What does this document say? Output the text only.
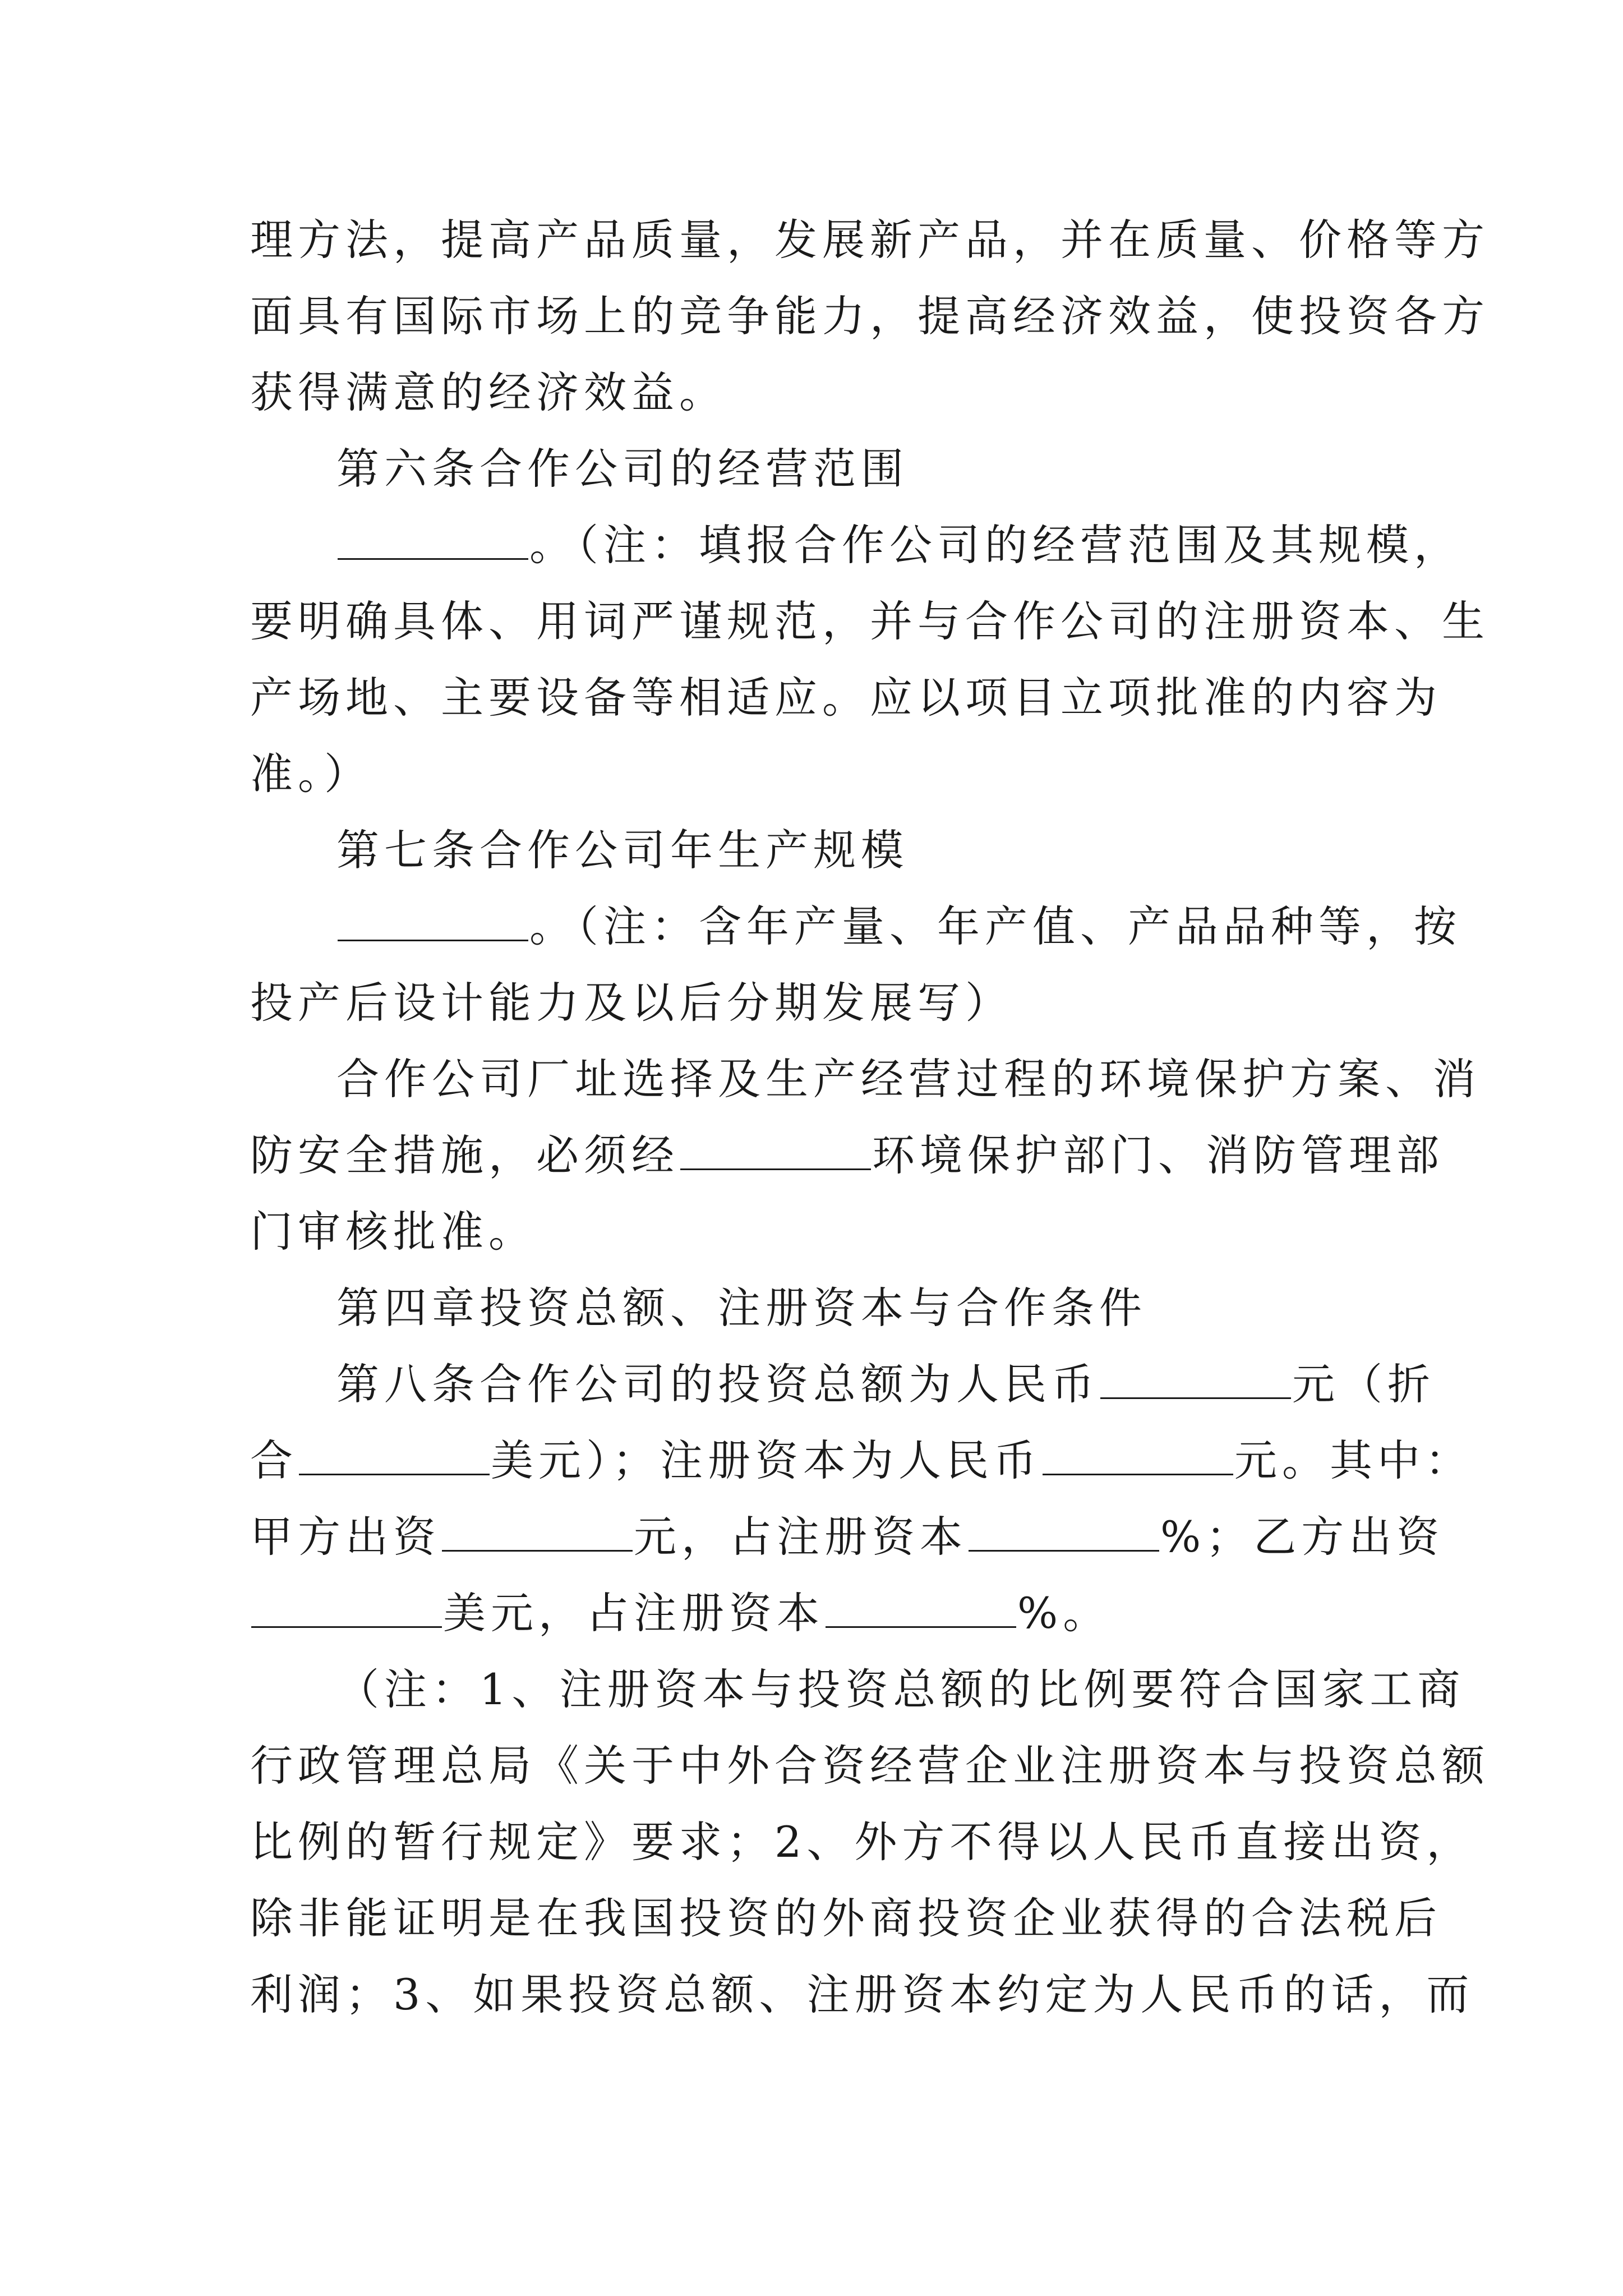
理方法，提高产品质量，发展新产品，并在质量、价格等方
面具有国际市场上的竞争能力，提高经济效益，使投资各方
获得满意的经济效益。
第六条合作公司的经营范围
。（注：填报合作公司的经营范围及其规模，
要明确具体、用词严谨规范，并与合作公司的注册资本、生
产场地、主要设备等相适应。应以项目立项批准的内容为
准。）
第七条合作公司年生产规模
。（注：含年产量、年产值、产品品种等，按
投产后设计能力及以后分期发展写）
合作公司厂址选择及生产经营过程的环境保护方案、消
防安全措施，必须经	环境保护部门、消防管理部
门审核批准。
第四章投资总额、注册资本与合作条件
第八条合作公司的投资总额为人民币	元（折
合	美元）；注册资本为人民币	元。其中：
甲方出资	元，占注册资本	%；乙方出资
美元，占注册资本	%。
（注：1、注册资本与投资总额的比例要符合国家工商
行政管理总局《关于中外合资经营企业注册资本与投资总额
比例的暂行规定》要求；2、外方不得以人民币直接出资，
除非能证明是在我国投资的外商投资企业获得的合法税后
利润；3、如果投资总额、注册资本约定为人民币的话，而
